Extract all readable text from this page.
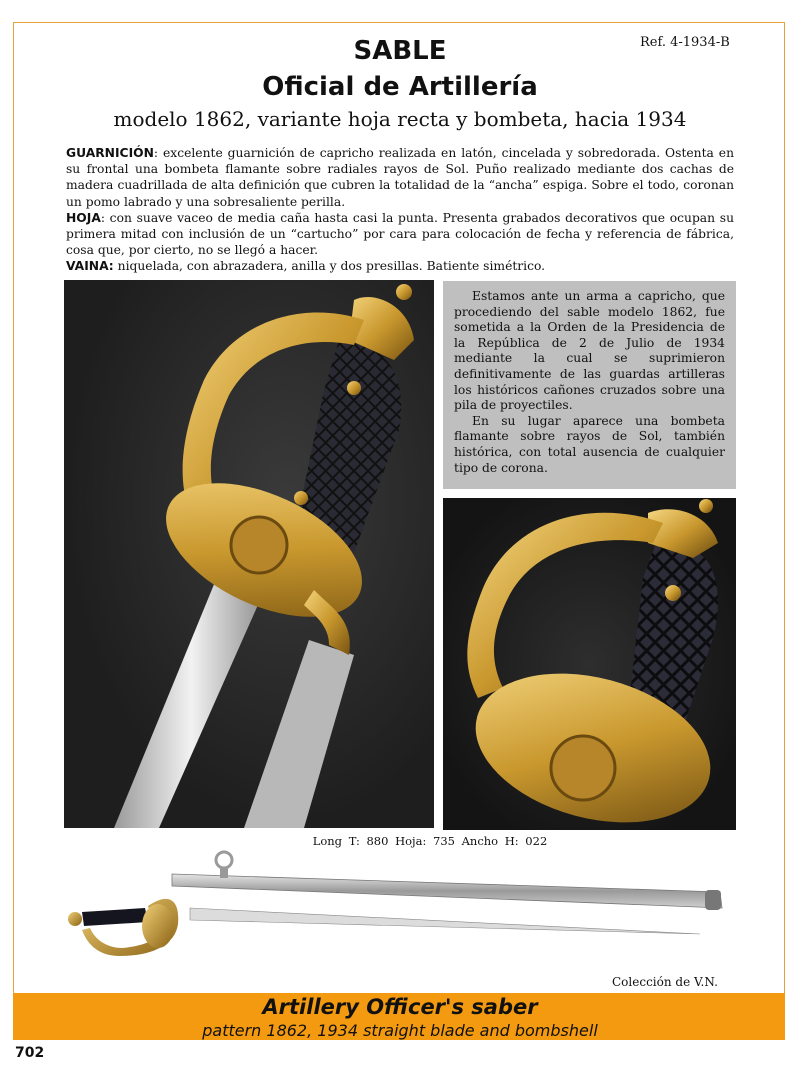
Ref. 4-1934-B
SABLE
Oficial de Artillería
modelo 1862, variante hoja recta y bombeta, hacia 1934

GUARNICIÓN: excelente guarnición de capricho realizada en latón, cincelada y sobredorada. Ostenta en su frontal una bombeta flamante sobre radiales rayos de Sol. Puño realizado mediante dos cachas de madera cuadrillada de alta definición que cubren la totalidad de la “ancha” espiga. Sobre el todo, coronan un pomo labrado y una sobresaliente perilla.

HOJA: con suave vaceo de media caña hasta casi la punta. Presenta grabados decorativos que ocupan su primera mitad con inclusión de un “cartucho” por cara para colocación de fecha y referencia de fábrica, cosa que, por cierto, no se llegó a hacer.

VAINA: niquelada, con abrazadera, anilla y dos presillas. Batiente simétrico.

Estamos ante un arma a capricho, que procediendo del sable modelo 1862, fue sometida a la Orden de la Presidencia de la República de 2 de Julio de 1934 mediante la cual se suprimieron definitivamente de las guardas artilleras los históricos cañones cruzados sobre una pila de proyectiles.

En su lugar aparece una bombeta flamante sobre rayos de Sol, también histórica, con total ausencia de cualquier tipo de corona.

Long T: 880 Hoja: 735 Ancho H: 022
Colección de V.N.
Artillery Officer's saber
pattern 1862, 1934 straight blade and bombshell
702
